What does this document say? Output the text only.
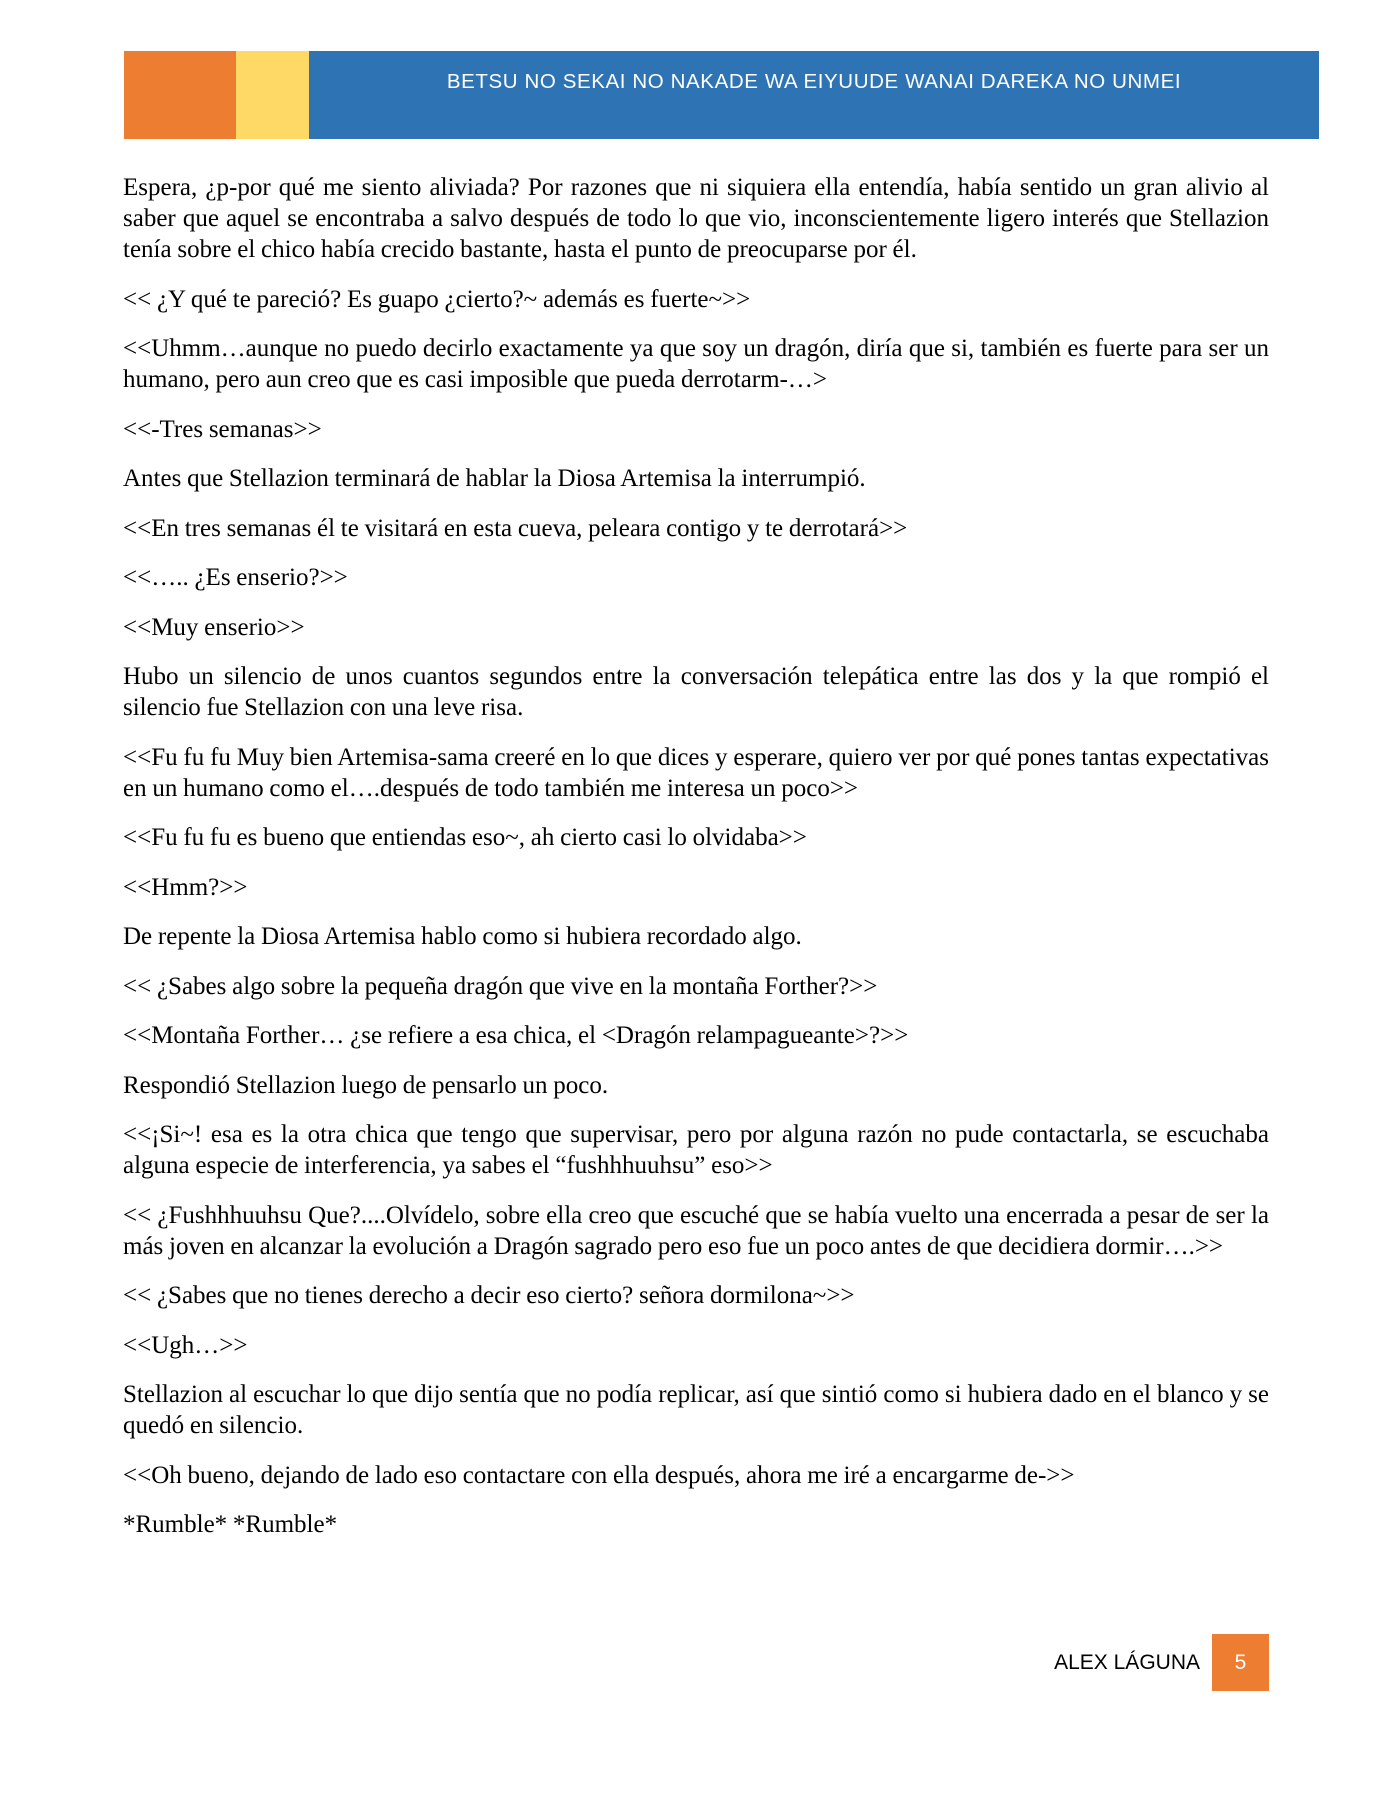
BETSU NO SEKAI NO NAKADE WA EIYUUDE WANAI DAREKA NO UNMEI

Espera, ¿p-por qué me siento aliviada? Por razones que ni siquiera ella entendía, había sentido un gran alivio al saber que aquel se encontraba a salvo después de todo lo que vio, inconscientemente ligero interés que Stellazion tenía sobre el chico había crecido bastante, hasta el punto de preocuparse por él.

<< ¿Y qué te pareció? Es guapo ¿cierto?~ además es fuerte~>>

<<Uhmm…aunque no puedo decirlo exactamente ya que soy un dragón, diría que si, también es fuerte para ser un humano, pero aun creo que es casi imposible que pueda derrotarm-…>

<<-Tres semanas>>

Antes que Stellazion terminará de hablar la Diosa Artemisa la interrumpió.

<<En tres semanas él te visitará en esta cueva, peleara contigo y te derrotará>>

<<….. ¿Es enserio?>>

<<Muy enserio>>

Hubo un silencio de unos cuantos segundos entre la conversación telepática entre las dos y la que rompió el silencio fue Stellazion con una leve risa.

<<Fu fu fu Muy bien Artemisa-sama creeré en lo que dices y esperare, quiero ver por qué pones tantas expectativas en un humano como el….después de todo también me interesa un poco>>

<<Fu fu fu es bueno que entiendas eso~, ah cierto casi lo olvidaba>>

<<Hmm?>>

De repente la Diosa Artemisa hablo como si hubiera recordado algo.

<< ¿Sabes algo sobre la pequeña dragón que vive en la montaña Forther?>>

<<Montaña Forther… ¿se refiere a esa chica, el <Dragón relampagueante>?>>

Respondió Stellazion luego de pensarlo un poco.

<<¡Si~! esa es la otra chica que tengo que supervisar, pero por alguna razón no pude contactarla, se escuchaba alguna especie de interferencia, ya sabes el “fushhhuuhsu” eso>>

<< ¿Fushhhuuhsu Que?....Olvídelo, sobre ella creo que escuché que se había vuelto una encerrada a pesar de ser la más joven en alcanzar la evolución a Dragón sagrado pero eso fue un poco antes de que decidiera dormir….>>

<< ¿Sabes que no tienes derecho a decir eso cierto? señora dormilona~>>

<<Ugh…>>

Stellazion al escuchar lo que dijo sentía que no podía replicar, así que sintió como si hubiera dado en el blanco y se quedó en silencio.

<<Oh bueno, dejando de lado eso contactare con ella después, ahora me iré a encargarme de->>

*Rumble* *Rumble*

ALEX LÁGUNA 5
